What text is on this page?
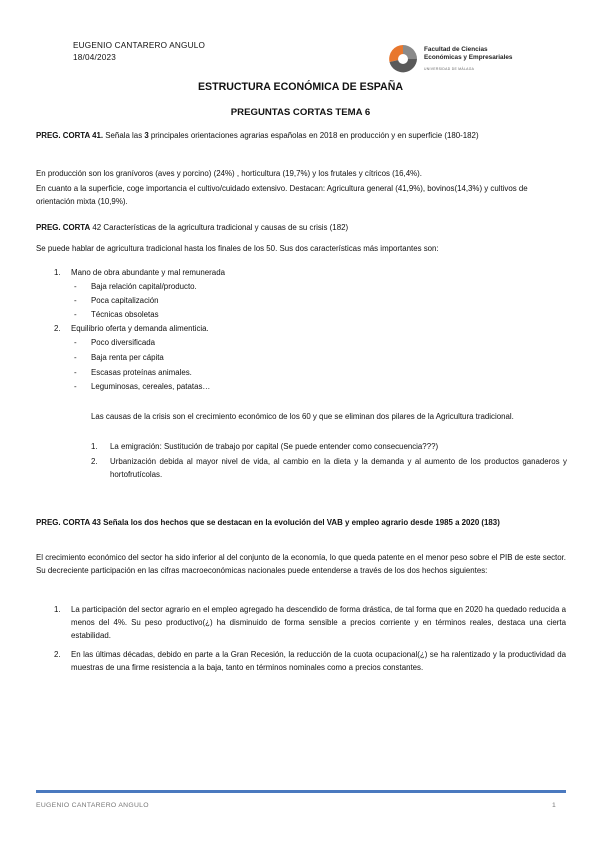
EUGENIO CANTARERO ANGULO
18/04/2023
Facultad de Ciencias
Económicas y Empresariales
UNIVERSIDAD DE MÁLAGA
ESTRUCTURA ECONÓMICA DE ESPAÑA
PREGUNTAS CORTAS TEMA 6
PREG. CORTA 41. Señala las 3 principales orientaciones agrarias españolas en 2018 en producción y en superficie (180-182)
En producción son los granívoros (aves y porcino) (24%) , horticultura (19,7%) y los frutales y cítricos (16,4%).
En cuanto a la superficie, coge importancia el cultivo/cuidado extensivo. Destacan: Agricultura general (41,9%), bovinos(14,3%) y cultivos de orientación mixta (10,9%).
PREG. CORTA 42 Características de la agricultura tradicional y causas de su crisis (182)
Se puede hablar de agricultura tradicional hasta los finales de los 50. Sus dos características más importantes son:
1. Mano de obra abundante y mal remunerada
- Baja relación capital/producto.
- Poca capitalización
- Técnicas obsoletas
2. Equilibrio oferta y demanda alimenticia.
- Poco diversificada
- Baja renta per cápita
- Escasas proteínas animales.
- Leguminosas, cereales, patatas…
Las causas de la crisis son el crecimiento económico de los 60 y que se eliminan dos pilares de la Agricultura tradicional.
1. La emigración: Sustitución de trabajo por capital (Se puede entender como consecuencia???)
2. Urbanización debida al mayor nivel de vida, al cambio en la dieta y la demanda y al aumento de los productos ganaderos y hortofrutícolas.
PREG. CORTA 43 Señala los dos hechos que se destacan en la evolución del VAB y empleo agrario desde 1985 a 2020 (183)
El crecimiento económico del sector ha sido inferior al del conjunto de la economía, lo que queda patente en el menor peso sobre el PIB de este sector. Su decreciente participación en las cifras macroeconómicas nacionales puede entenderse a través de los dos hechos siguientes:
1. La participación del sector agrario en el empleo agregado ha descendido de forma drástica, de tal forma que en 2020 ha quedado reducida a menos del 4%. Su peso productivo(¿) ha disminuido de forma sensible a precios corriente y en términos reales, destaca una cierta estabilidad.
2. En las últimas décadas, debido en parte a la Gran Recesión, la reducción de la cuota ocupacional(¿) se ha ralentizado y la productividad da muestras de una firme resistencia a la baja, tanto en términos nominales como a precios constantes.
EUGENIO CANTARERO ANGULO	1
